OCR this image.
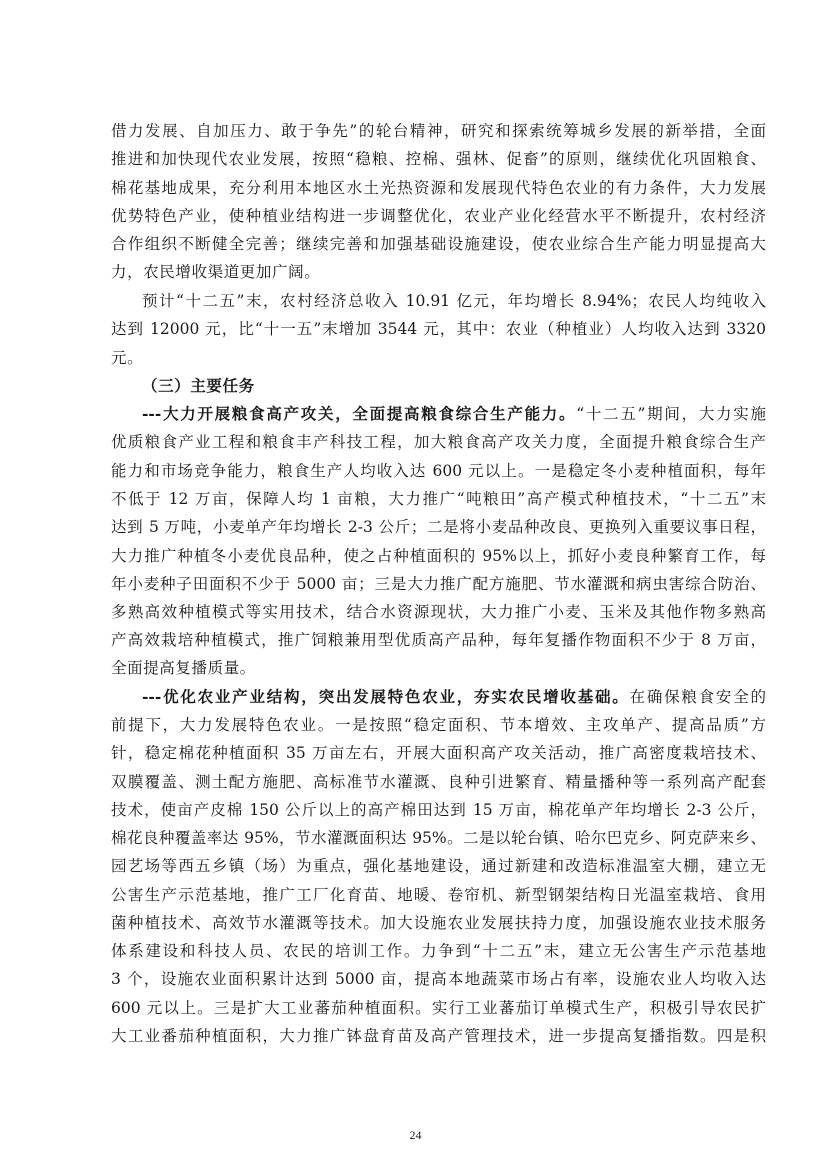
借力发展、自加压力、敢于争先”的轮台精神，研究和探索统筹城乡发展的新举措，全面
推进和加快现代农业发展，按照“稳粮、控棉、强林、促畜”的原则，继续优化巩固粮食、
棉花基地成果，充分利用本地区水土光热资源和发展现代特色农业的有力条件，大力发展
优势特色产业，使种植业结构进一步调整优化，农业产业化经营水平不断提升，农村经济
合作组织不断健全完善；继续完善和加强基础设施建设，使农业综合生产能力明显提高大
力，农民增收渠道更加广阔。
预计“十二五”末，农村经济总收入 10.91 亿元，年均增长 8.94%；农民人均纯收入
达到 12000 元，比“十一五”末增加 3544 元，其中：农业（种植业）人均收入达到 3320
元。
（三）主要任务
---大力开展粮食高产攻关，全面提高粮食综合生产能力。“十二五”期间，大力实施
优质粮食产业工程和粮食丰产科技工程，加大粮食高产攻关力度，全面提升粮食综合生产
能力和市场竞争能力，粮食生产人均收入达 600 元以上。一是稳定冬小麦种植面积，每年
不低于 12 万亩，保障人均 1 亩粮，大力推广“吨粮田”高产模式种植技术，“十二五”末
达到 5 万吨，小麦单产年均增长 2-3 公斤；二是将小麦品种改良、更换列入重要议事日程，
大力推广种植冬小麦优良品种，使之占种植面积的 95%以上，抓好小麦良种繁育工作，每
年小麦种子田面积不少于 5000 亩；三是大力推广配方施肥、节水灌溉和病虫害综合防治、
多熟高效种植模式等实用技术，结合水资源现状，大力推广小麦、玉米及其他作物多熟高
产高效栽培种植模式，推广饲粮兼用型优质高产品种，每年复播作物面积不少于 8 万亩，
全面提高复播质量。
---优化农业产业结构，突出发展特色农业，夯实农民增收基础。在确保粮食安全的
前提下，大力发展特色农业。一是按照“稳定面积、节本增效、主攻单产、提高品质”方
针，稳定棉花种植面积 35 万亩左右，开展大面积高产攻关活动，推广高密度栽培技术、
双膜覆盖、测土配方施肥、高标准节水灌溉、良种引进繁育、精量播种等一系列高产配套
技术，使亩产皮棉 150 公斤以上的高产棉田达到 15 万亩，棉花单产年均增长 2-3 公斤，
棉花良种覆盖率达 95%，节水灌溉面积达 95%。二是以轮台镇、哈尔巴克乡、阿克萨来乡、
园艺场等西五乡镇（场）为重点，强化基地建设，通过新建和改造标准温室大棚，建立无
公害生产示范基地，推广工厂化育苗、地暖、卷帘机、新型钢架结构日光温室栽培、食用
菌种植技术、高效节水灌溉等技术。加大设施农业发展扶持力度，加强设施农业技术服务
体系建设和科技人员、农民的培训工作。力争到“十二五”末，建立无公害生产示范基地
3 个，设施农业面积累计达到 5000 亩，提高本地蔬菜市场占有率，设施农业人均收入达
600 元以上。三是扩大工业蕃茄种植面积。实行工业蕃茄订单模式生产，积极引导农民扩
大工业番茄种植面积，大力推广钵盘育苗及高产管理技术，进一步提高复播指数。四是积
24
